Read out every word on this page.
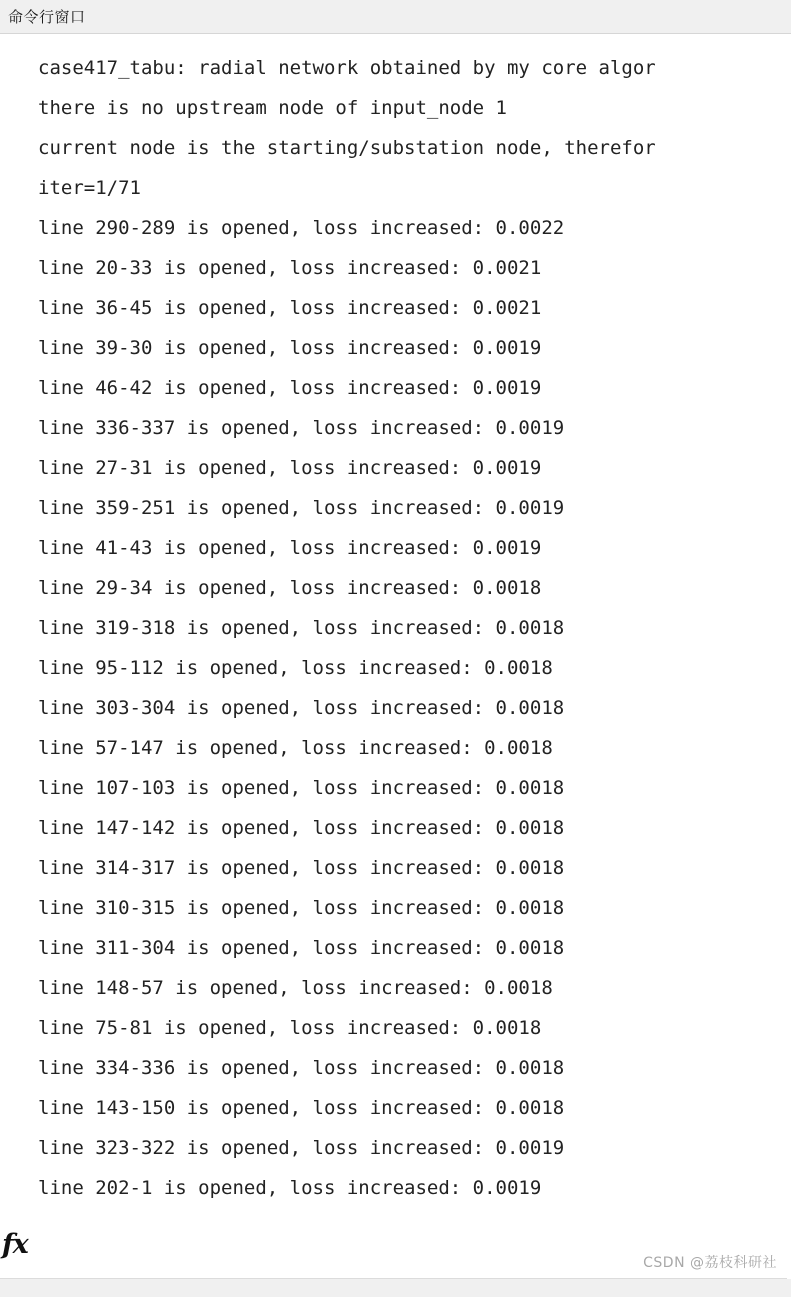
命令行窗口
case417_tabu: radial network obtained by my core algor
there is no upstream node of input_node 1
current node is the starting/substation node, therefor
iter=1/71
line 290-289 is opened, loss increased: 0.0022
line 20-33 is opened, loss increased: 0.0021
line 36-45 is opened, loss increased: 0.0021
line 39-30 is opened, loss increased: 0.0019
line 46-42 is opened, loss increased: 0.0019
line 336-337 is opened, loss increased: 0.0019
line 27-31 is opened, loss increased: 0.0019
line 359-251 is opened, loss increased: 0.0019
line 41-43 is opened, loss increased: 0.0019
line 29-34 is opened, loss increased: 0.0018
line 319-318 is opened, loss increased: 0.0018
line 95-112 is opened, loss increased: 0.0018
line 303-304 is opened, loss increased: 0.0018
line 57-147 is opened, loss increased: 0.0018
line 107-103 is opened, loss increased: 0.0018
line 147-142 is opened, loss increased: 0.0018
line 314-317 is opened, loss increased: 0.0018
line 310-315 is opened, loss increased: 0.0018
line 311-304 is opened, loss increased: 0.0018
line 148-57 is opened, loss increased: 0.0018
line 75-81 is opened, loss increased: 0.0018
line 334-336 is opened, loss increased: 0.0018
line 143-150 is opened, loss increased: 0.0018
line 323-322 is opened, loss increased: 0.0019
line 202-1 is opened, loss increased: 0.0019
fx
CSDN @荔枝科研社
